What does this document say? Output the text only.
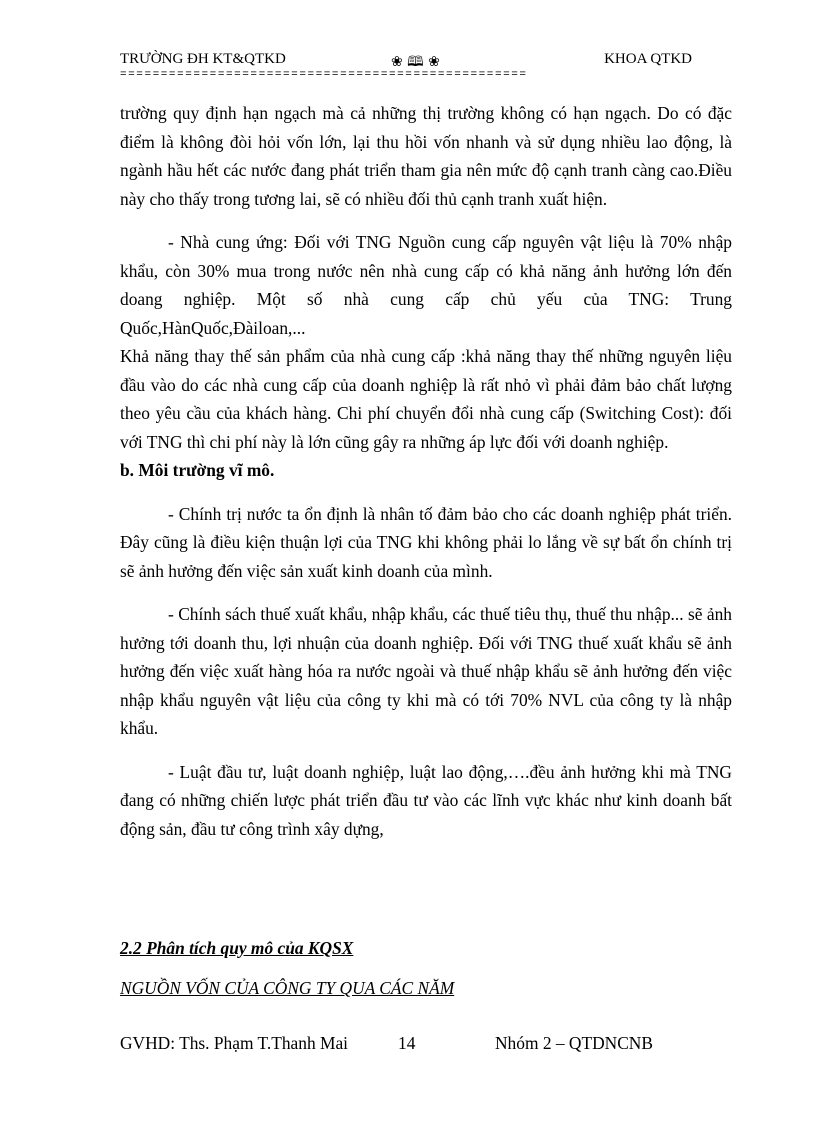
TRƯỜNG ĐH KT&QTKD	❀ 🕮 ❀	KHOA QTKD
==================================================

trường quy định hạn ngạch mà cả những thị trường không có hạn ngạch. Do có đặc điểm là không đòi hỏi vốn lớn, lại thu hồi vốn nhanh và sử dụng nhiều lao động, là ngành hầu hết các nước đang phát triển tham gia nên mức độ cạnh tranh càng cao.Điều này cho thấy trong tương lai, sẽ có nhiều đối thủ cạnh tranh xuất hiện.

- Nhà cung ứng: Đối với TNG Nguồn cung cấp nguyên vật liệu là 70% nhập khẩu, còn 30% mua trong nước nên nhà cung cấp có khả năng ảnh hưởng lớn đến doang nghiệp. Một số nhà cung cấp chủ yếu của TNG: Trung Quốc,HànQuốc,Đàiloan,...

Khả năng thay thế sản phẩm của nhà cung cấp :khả năng thay thế những nguyên liệu đầu vào do các nhà cung cấp của doanh nghiệp là rất nhỏ vì phải đảm bảo chất lượng theo yêu cầu của khách hàng. Chi phí chuyển đổi nhà cung cấp (Switching Cost): đối với TNG thì chi phí này là lớn cũng gây ra những áp lực đối với doanh nghiệp.

b. Môi trường vĩ mô.

- Chính trị nước ta ổn định là nhân tố đảm bảo cho các doanh nghiệp phát triển. Đây cũng là điều kiện thuận lợi của TNG khi không phải lo lắng về sự bất ổn chính trị sẽ ảnh hưởng đến việc sản xuất kinh doanh của mình.

- Chính sách thuế xuất khẩu, nhập khẩu, các thuế tiêu thụ, thuế thu nhập... sẽ ảnh hưởng tới doanh thu, lợi nhuận của doanh nghiệp. Đối với TNG thuế xuất khẩu sẽ ảnh hưởng đến việc xuất hàng hóa ra nước ngoài và thuế nhập khẩu sẽ ảnh hưởng đến việc nhập khẩu nguyên vật liệu của công ty khi mà có tới 70% NVL của công ty là nhập khẩu.

- Luật đầu tư, luật doanh nghiệp, luật lao động,….đều ảnh hưởng khi mà TNG đang có những chiến lược phát triển đầu tư vào các lĩnh vực khác như kinh doanh bất động sản, đầu tư công trình xây dựng,

2.2 Phân tích quy mô của KQSX
NGUỒN VỐN CỦA CÔNG TY QUA CÁC NĂM
GVHD: Ths. Phạm T.Thanh Mai	14	Nhóm 2 – QTDNCNB
